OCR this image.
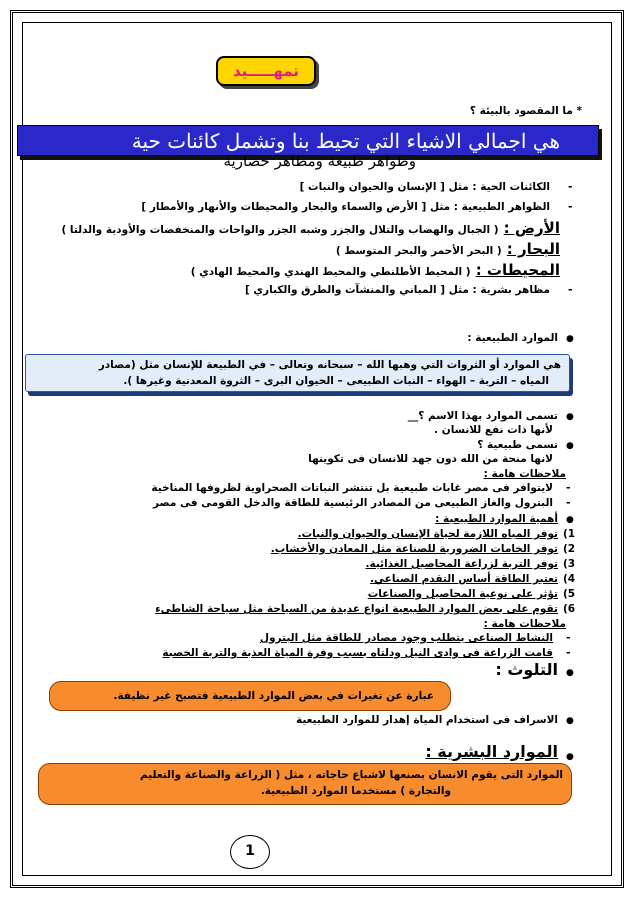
تمهـــــيد
* ما المقصود بالبيئة ؟
هي اجمالي الاشياء التي تحيط بنا وتشمل كائنات حية
وظواهر طبيعة ومظاهر حضارية
-
الكائنات الحية : مثل [ الإنسان والحيوان والنبات ]
-
الظواهر الطبيعية : مثل [ الأرض والسماء والبحار والمحيطات والأنهار والأمطار ]
الأرض : ( الجبال والهضاب والتلال والجزر وشبه الجزر والواحات والمنخفضات والأودية والدلتا )
البحار : ( البحر الأحمر والبحر المتوسط )
المحيطات : ( المحيط الأطلنطي والمحيط الهندي والمحيط الهادي )
-
مظاهر بشرية : مثل [ المباني والمنشآت والطرق والكباري ]
●
الموارد الطبيعية :
هي الموارد أو الثروات التي وهبها الله – سبحانه وتعالى – في الطبيعة للإنسان مثل (مصادر
المياه – التربة – الهواء – النبات الطبيعى – الحيوان البرى – الثروة المعدنية وغيرها ).
●
تسمى الموارد بهذا الاسم ؟__
لأنها ذات نفع للانسان .
●
تسمى طبيعية ؟
لانها منحة من الله دون جهد للانسان فى تكوينها
ملاحظات هامة :
-
لايتوافر فى مصر غابات طبيعية بل تنتشر النباتات الصحراوية لظروفها المناخية
-
البترول والغاز الطبيعى من المصادر الرئيسية للطاقة والدخل القومى فى مصر
●
أهمية الموارد الطبيعية :
(1
توفر المياه اللازمة لحياة الإنسان والحيوان والنبات.
(2
توفر الخامات الضرورية للصناعة مثل المعادن والأخشاب.
(3
توفر التربة لزراعة المحاصيل الغذائية.
(4
تعتبر الطاقة أساس التقدم الصناعي.
(5
تؤثر على نوعية المحاصيل والصناعات
(6
تقوم على بعض الموارد الطبيعية انواع عديدة من السياحة مثل سياحة الشاطىء
ملاحظات هامة :
-
النشاط الصناعى يتطلب وجود مصادر للطاقة مثل البترول
-
قامت الزراعة فى وادى النيل ودلتاه بسبب وفرة المياة العذبة والتربة الخصبة
●
التلوث :
عبارة عن تغيرات في بعض الموارد الطبيعية فتصبح غير نظيفة.
●
الاسراف فى استخدام المياة إهدار للموارد الطبيعية
●
الموارد البشرية :
الموارد التى يقوم الانسان بصنعها لاشباع حاجاته ، مثل ( الزراعة والصناعة والتعليم
والتجارة ) مستخدما الموارد الطبيعية.
1
